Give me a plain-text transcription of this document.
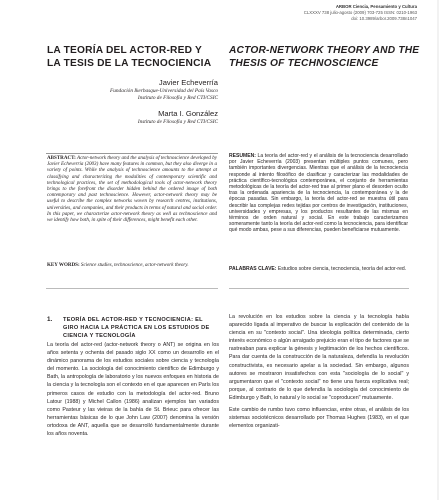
ARBOR Ciencia, Pensamiento y Cultura
CLXXXV 738 julio-agosto (2009) 703-725 ISSN: 0210-1963
doi: 10.3989/arbor.2009.738n1047
LA TEORÍA DEL ACTOR-RED Y LA TESIS DE LA TECNOCIENCIA
ACTOR-NETWORK THEORY AND THE THESIS OF TECHNOSCIENCE
Javier Echeverría
Fundación Ikerbasque-Universidad del País Vasco
Instituto de Filosofía y Red CTI/CSIC
Marta I. González
Instituto de Filosofía y Red CTI/CSIC
ABSTRACT: Actor-network theory and the analysis of technoscience developed by Javier Echeverría (2003) have many features in common, but they also diverge in a variety of points. While the analysis of technoscience amounts to the attempt at classifying and characterizing the modalities of contemporary scientific and technological practices, the set of methodological tools of actor-network theory brings to the forefront the disorder hidden behind the ordered image of both contemporary and past technoscience. However, actor-network theory may be useful to describe the complex networks woven by research centres, institutions, universities, and companies, and their products in terms of natural and social order. In this paper, we characterize actor-network theory as well as technoscience and we identify how both, in spite of their differences, might benefit each other.
KEY WORDS: Science studies, technoscience, actor-network theory.
RESUMEN: La teoría del actor-red y el análisis de la tecnociencia desarrollado por Javier Echeverría (2003) presentan múltiples puntos comunes, pero también importantes divergencias. Mientras que el análisis de la tecnociencia responde al intento filosófico de clasificar y caracterizar las modalidades de práctica científico-tecnológica contemporánea, el conjunto de herramientas metodológicas de la teoría del actor-red trae al primer plano el desorden oculto tras la ordenada apariencia de la tecnociencia, la contemporánea y la de épocas pasadas. Sin embargo, la teoría del actor-red se muestra útil para describir las complejas redes tejidas por centros de investigación, instituciones, universidades y empresas, y los productos resultantes de las mismas en términos de orden natural y social. En este trabajo caracterizamos someramente tanto la teoría del actor-red como la tecnociencia, para identificar qué modo ambas, pese a sus diferencias, pueden beneficiarse mutuamente.
PALABRAS CLAVE: Estudios sobre ciencia, tecnociencia, teoría del actor-red.
1. TEORÍA DEL ACTOR-RED Y TECNOCIENCIA: EL GIRO HACIA LA PRÁCTICA EN LOS ESTUDIOS DE CIENCIA Y TECNOLOGÍA

La teoría del actor-red (actor-network theory o ANT) se origina en los años setenta y ochenta del pasado siglo XX como un desarrollo en el dinámico panorama de los estudios sociales sobre ciencia y tecnología del momento. La sociología del conocimiento científico de Edimburgo y Bath, la antropología de laboratorio y los nuevos enfoques en historia de la ciencia y la tecnología son el contexto en el que aparecen en París los primeros casos de estudio con la metodología del actor-red. Bruno Latour (1988) y Michel Callon (1986) analizan ejemplos tan variados como Pasteur y las vieiras de la bahía de St. Brieuc para ofrecer las herramientas básicas de lo que John Law (2007) denomina la versión ortodoxa de ANT, aquella que se desarrolló fundamentalmente durante los años noventa.

La revolución en los estudios sobre la ciencia y la tecnología había aparecido ligada al imperativo de buscar la explicación del contenido de la ciencia en su "contexto social". Una ideología política determinada, cierto interés económico o algún arraigado prejuicio eran el tipo de factores que se rastreaban para explicar la génesis y legitimación de los hechos científicos. Para dar cuenta de la construcción de la naturaleza, defendía la revolución constructivista, es necesario apelar a la sociedad. Sin embargo, algunos autores se mostraron insatisfechos con esta "sociología de lo social" y argumentaron que el "contexto social" no tiene una fuerza explicativa real; porque, al contrario de lo que defendía la sociología del conocimiento de Edimburgo y Bath, lo natural y lo social se "coproducen" mutuamente.

Este cambio de rumbo tuvo como influencias, entre otras, el análisis de los sistemas sociotécnicos desarrollado por Thomas Hughes (1983), en el que elementos organizati-
